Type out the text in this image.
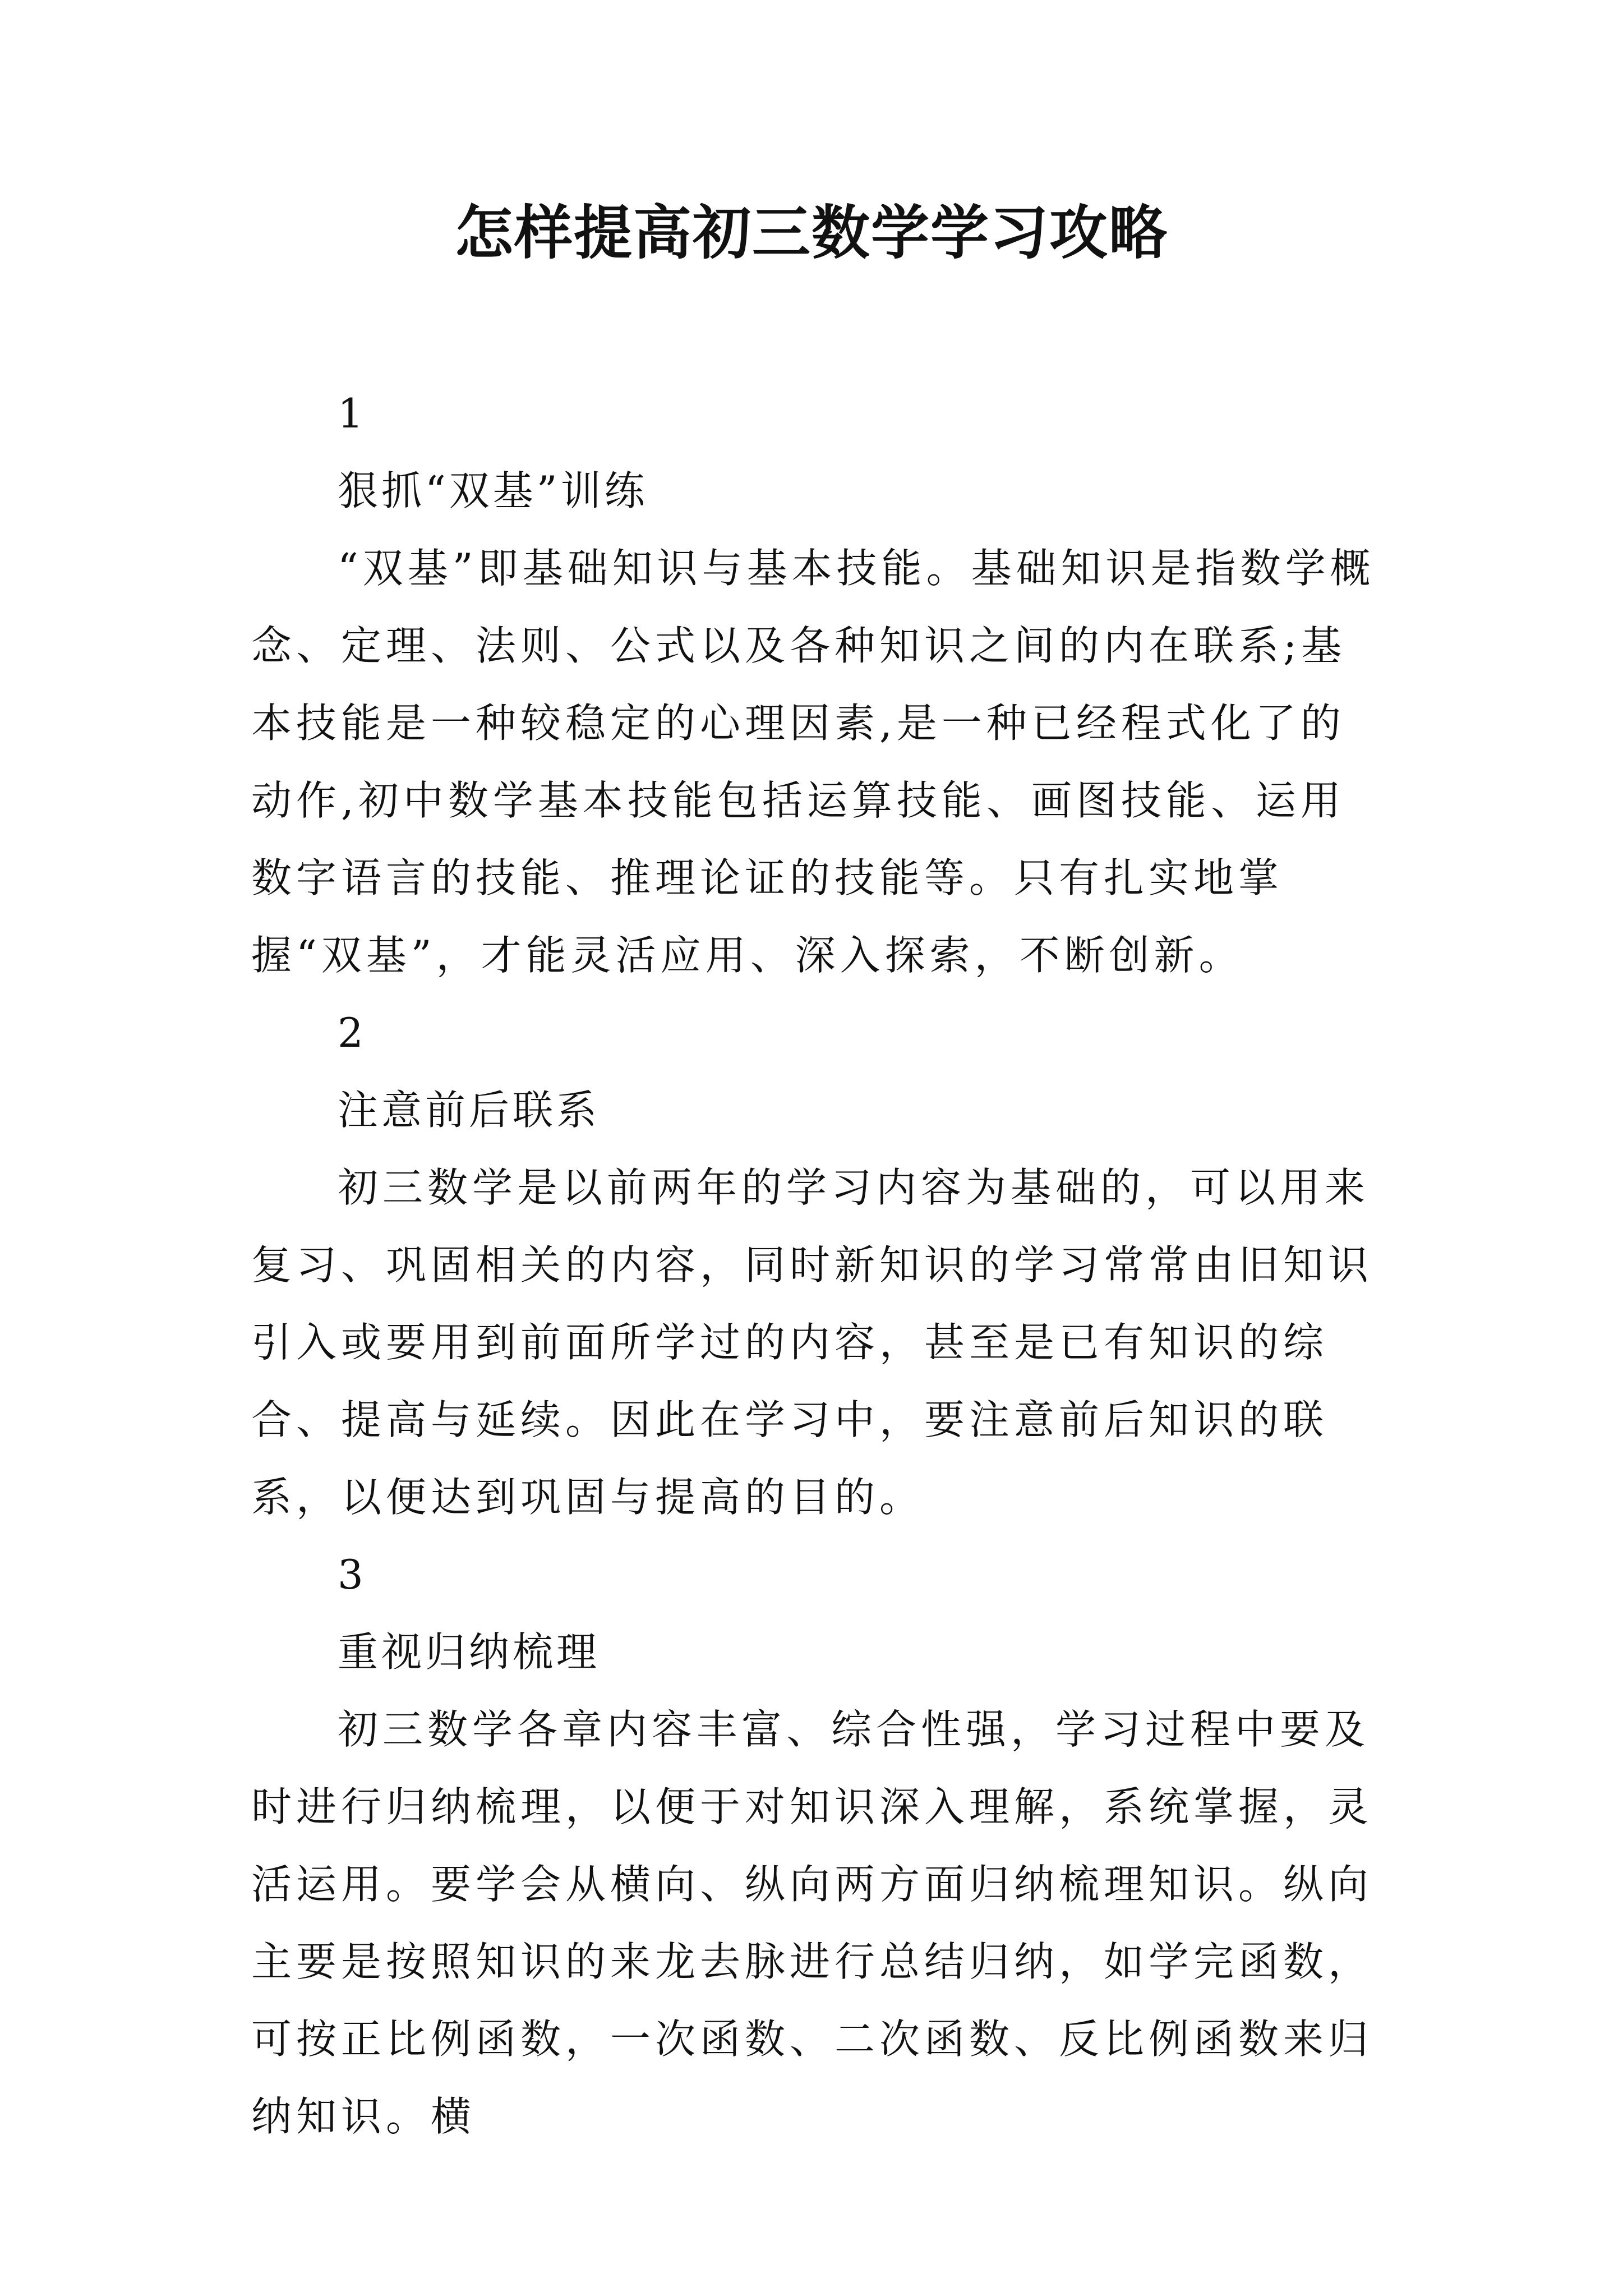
怎样提高初三数学学习攻略

1

狠抓“双基”训练

“双基”即基础知识与基本技能。基础知识是指数学概念、定理、法则、公式以及各种知识之间的内在联系;基本技能是一种较稳定的心理因素,是一种已经程式化了的动作,初中数学基本技能包括运算技能、画图技能、运用数字语言的技能、推理论证的技能等。只有扎实地掌握“双基”，才能灵活应用、深入探索，不断创新。

2

注意前后联系

初三数学是以前两年的学习内容为基础的，可以用来复习、巩固相关的内容，同时新知识的学习常常由旧知识引入或要用到前面所学过的内容，甚至是已有知识的综合、提高与延续。因此在学习中，要注意前后知识的联系，以便达到巩固与提高的目的。

3

重视归纳梳理

初三数学各章内容丰富、综合性强，学习过程中要及时进行归纳梳理，以便于对知识深入理解，系统掌握，灵活运用。要学会从横向、纵向两方面归纳梳理知识。纵向主要是按照知识的来龙去脉进行总结归纳，如学完函数，可按正比例函数，一次函数、二次函数、反比例函数来归纳知识。横
